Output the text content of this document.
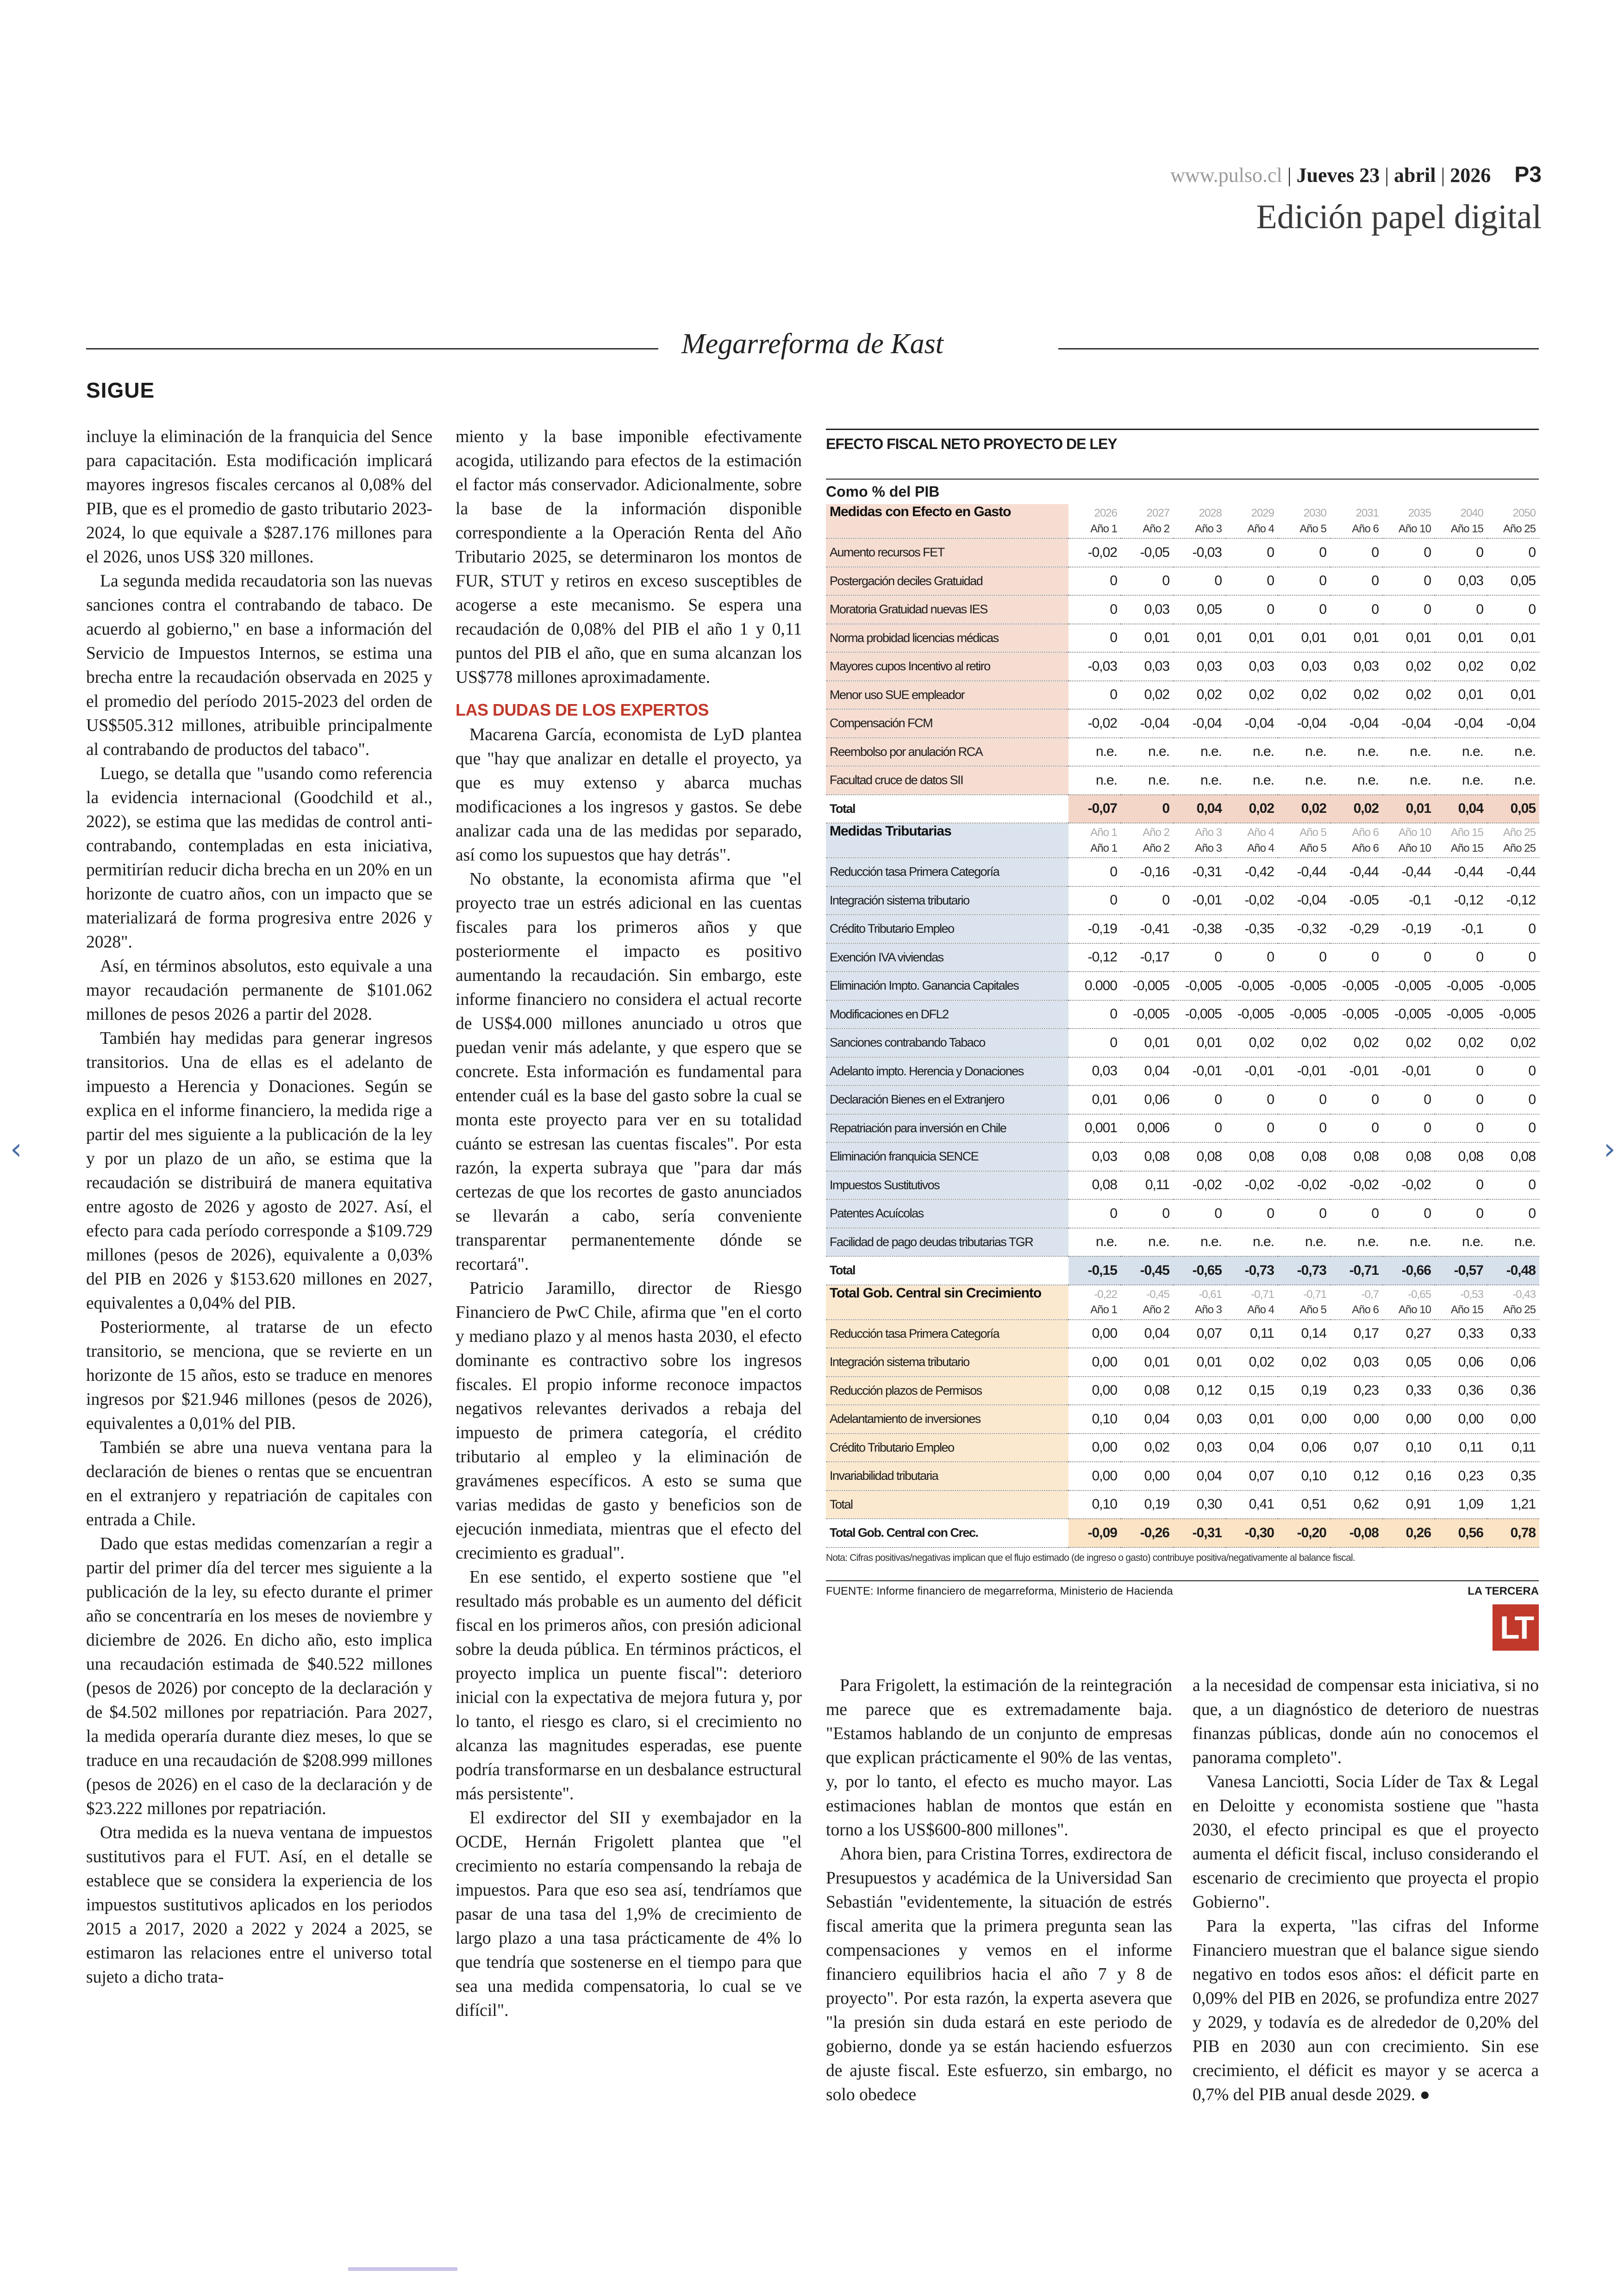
www.pulso.cl | Jueves 23 | abril | 2026 P3
Edición papel digital
Megarreforma de Kast
SIGUE

incluye la eliminación de la franquicia del Sence para capacitación. Esta modificación implicará mayores ingresos fiscales cercanos al 0,08% del PIB, que es el promedio de gasto tributario 2023-2024, lo que equivale a $287.176 millones para el 2026, unos US$ 320 millones.

La segunda medida recaudatoria son las nuevas sanciones contra el contrabando de tabaco. De acuerdo al gobierno," en base a información del Servicio de Impuestos Internos, se estima una brecha entre la recaudación observada en 2025 y el promedio del período 2015-2023 del orden de US$505.312 millones, atribuible principalmente al contrabando de productos del tabaco".

Luego, se detalla que "usando como referencia la evidencia internacional (Goodchild et al., 2022), se estima que las medidas de control anti-contrabando, contempladas en esta iniciativa, permitirían reducir dicha brecha en un 20% en un horizonte de cuatro años, con un impacto que se materializará de forma progresiva entre 2026 y 2028".

Así, en términos absolutos, esto equivale a una mayor recaudación permanente de $101.062 millones de pesos 2026 a partir del 2028.

También hay medidas para generar ingresos transitorios. Una de ellas es el adelanto de impuesto a Herencia y Donaciones. Según se explica en el informe financiero, la medida rige a partir del mes siguiente a la publicación de la ley y por un plazo de un año, se estima que la recaudación se distribuirá de manera equitativa entre agosto de 2026 y agosto de 2027. Así, el efecto para cada período corresponde a $109.729 millones (pesos de 2026), equivalente a 0,03% del PIB en 2026 y $153.620 millones en 2027, equivalentes a 0,04% del PIB.

Posteriormente, al tratarse de un efecto transitorio, se menciona, que se revierte en un horizonte de 15 años, esto se traduce en menores ingresos por $21.946 millones (pesos de 2026), equivalentes a 0,01% del PIB.

También se abre una nueva ventana para la declaración de bienes o rentas que se encuentran en el extranjero y repatriación de capitales con entrada a Chile.

Dado que estas medidas comenzarían a regir a partir del primer día del tercer mes siguiente a la publicación de la ley, su efecto durante el primer año se concentraría en los meses de noviembre y diciembre de 2026. En dicho año, esto implica una recaudación estimada de $40.522 millones (pesos de 2026) por concepto de la declaración y de $4.502 millones por repatriación. Para 2027, la medida operaría durante diez meses, lo que se traduce en una recaudación de $208.999 millones (pesos de 2026) en el caso de la declaración y de $23.222 millones por repatriación.

Otra medida es la nueva ventana de impuestos sustitutivos para el FUT. Así, en el detalle se establece que se considera la experiencia de los impuestos sustitutivos aplicados en los periodos 2015 a 2017, 2020 a 2022 y 2024 a 2025, se estimaron las relaciones entre el universo total sujeto a dicho trata-

miento y la base imponible efectivamente acogida, utilizando para efectos de la estimación el factor más conservador. Adicionalmente, sobre la base de la información disponible correspondiente a la Operación Renta del Año Tributario 2025, se determinaron los montos de FUR, STUT y retiros en exceso susceptibles de acogerse a este mecanismo. Se espera una recaudación de 0,08% del PIB el año 1 y 0,11 puntos del PIB el año, que en suma alcanzan los US$778 millones aproximadamente.

LAS DUDAS DE LOS EXPERTOS

Macarena García, economista de LyD plantea que "hay que analizar en detalle el proyecto, ya que es muy extenso y abarca muchas modificaciones a los ingresos y gastos. Se debe analizar cada una de las medidas por separado, así como los supuestos que hay detrás".

No obstante, la economista afirma que "el proyecto trae un estrés adicional en las cuentas fiscales para los primeros años y que posteriormente el impacto es positivo aumentando la recaudación. Sin embargo, este informe financiero no considera el actual recorte de US$4.000 millones anunciado u otros que puedan venir más adelante, y que espero que se concrete. Esta información es fundamental para entender cuál es la base del gasto sobre la cual se monta este proyecto para ver en su totalidad cuánto se estresan las cuentas fiscales". Por esta razón, la experta subraya que "para dar más certezas de que los recortes de gasto anunciados se llevarán a cabo, sería conveniente transparentar permanentemente dónde se recortará".

Patricio Jaramillo, director de Riesgo Financiero de PwC Chile, afirma que "en el corto y mediano plazo y al menos hasta 2030, el efecto dominante es contractivo sobre los ingresos fiscales. El propio informe reconoce impactos negativos relevantes derivados a rebaja del impuesto de primera categoría, el crédito tributario al empleo y la eliminación de gravámenes específicos. A esto se suma que varias medidas de gasto y beneficios son de ejecución inmediata, mientras que el efecto del crecimiento es gradual".

En ese sentido, el experto sostiene que "el resultado más probable es un aumento del déficit fiscal en los primeros años, con presión adicional sobre la deuda pública. En términos prácticos, el proyecto implica un puente fiscal": deterioro inicial con la expectativa de mejora futura y, por lo tanto, el riesgo es claro, si el crecimiento no alcanza las magnitudes esperadas, ese puente podría transformarse en un desbalance estructural más persistente".

El exdirector del SII y exembajador en la OCDE, Hernán Frigolett plantea que "el crecimiento no estaría compensando la rebaja de impuestos. Para que eso sea así, tendríamos que pasar de una tasa del 1,9% de crecimiento de largo plazo a una tasa prácticamente de 4% lo que tendría que sostenerse en el tiempo para que sea una medida compensatoria, lo cual se ve difícil".

Para Frigolett, la estimación de la reintegración me parece que es extremadamente baja. "Estamos hablando de un conjunto de empresas que explican prácticamente el 90% de las ventas, y, por lo tanto, el efecto es mucho mayor. Las estimaciones hablan de montos que están en torno a los US$600-800 millones".

Ahora bien, para Cristina Torres, exdirectora de Presupuestos y académica de la Universidad San Sebastián "evidentemente, la situación de estrés fiscal amerita que la primera pregunta sean las compensaciones y vemos en el informe financiero equilibrios hacia el año 7 y 8 de proyecto". Por esta razón, la experta asevera que "la presión sin duda estará en este periodo de gobierno, donde ya se están haciendo esfuerzos de ajuste fiscal. Este esfuerzo, sin embargo, no solo obedece

a la necesidad de compensar esta iniciativa, si no que, a un diagnóstico de deterioro de nuestras finanzas públicas, donde aún no conocemos el panorama completo".

Vanesa Lanciotti, Socia Líder de Tax & Legal en Deloitte y economista sostiene que "hasta 2030, el efecto principal es que el proyecto aumenta el déficit fiscal, incluso considerando el escenario de crecimiento que proyecta el propio Gobierno".

Para la experta, "las cifras del Informe Financiero muestran que el balance sigue siendo negativo en todos esos años: el déficit parte en 0,09% del PIB en 2026, se profundiza entre 2027 y 2029, y todavía es de alrededor de 0,20% del PIB en 2030 aun con crecimiento. Sin ese crecimiento, el déficit es mayor y se acerca a 0,7% del PIB anual desde 2029. ●

EFECTO FISCAL NETO PROYECTO DE LEY
Como % del PIB
Medidas con Efecto en Gasto	2026	2027	2028	2029	2030	2031	2035	2040	2050
	Año 1	Año 2	Año 3	Año 4	Año 5	Año 6	Año 10	Año 15	Año 25
Aumento recursos FET	-0,02	-0,05	-0,03	0	0	0	0	0	0
Postergación deciles Gratuidad	0	0	0	0	0	0	0	0,03	0,05
Moratoria Gratuidad nuevas IES	0	0,03	0,05	0	0	0	0	0	0
Norma probidad licencias médicas	0	0,01	0,01	0,01	0,01	0,01	0,01	0,01	0,01
Mayores cupos Incentivo al retiro	-0,03	0,03	0,03	0,03	0,03	0,03	0,02	0,02	0,02
Menor uso SUE empleador	0	0,02	0,02	0,02	0,02	0,02	0,02	0,01	0,01
Compensación FCM	-0,02	-0,04	-0,04	-0,04	-0,04	-0,04	-0,04	-0,04	-0,04
Reembolso por anulación RCA	n.e.	n.e.	n.e.	n.e.	n.e.	n.e.	n.e.	n.e.	n.e.
Facultad cruce de datos SII	n.e.	n.e.	n.e.	n.e.	n.e.	n.e.	n.e.	n.e.	n.e.
Total	-0,07	0	0,04	0,02	0,02	0,02	0,01	0,04	0,05
Medidas Tributarias	Año 1	Año 2	Año 3	Año 4	Año 5	Año 6	Año 10	Año 15	Año 25
	Año 1	Año 2	Año 3	Año 4	Año 5	Año 6	Año 10	Año 15	Año 25
Reducción tasa Primera Categoría	0	-0,16	-0,31	-0,42	-0,44	-0,44	-0,44	-0,44	-0,44
Integración sistema tributario	0	0	-0,01	-0,02	-0,04	-0.05	-0,1	-0,12	-0,12
Crédito Tributario Empleo	-0,19	-0,41	-0,38	-0,35	-0,32	-0,29	-0,19	-0,1	0
Exención IVA viviendas	-0,12	-0,17	0	0	0	0	0	0	0
Eliminación Impto. Ganancia Capitales	0.000	-0,005	-0,005	-0,005	-0,005	-0,005	-0,005	-0,005	-0,005
Modificaciones en DFL2	0	-0,005	-0,005	-0,005	-0,005	-0,005	-0,005	-0,005	-0,005
Sanciones contrabando Tabaco	0	0,01	0,01	0,02	0,02	0,02	0,02	0,02	0,02
Adelanto impto. Herencia y Donaciones	0,03	0,04	-0,01	-0,01	-0,01	-0,01	-0,01	0	0
Declaración Bienes en el Extranjero	0,01	0,06	0	0	0	0	0	0	0
Repatriación para inversión en Chile	0,001	0,006	0	0	0	0	0	0	0
Eliminación franquicia SENCE	0,03	0,08	0,08	0,08	0,08	0,08	0,08	0,08	0,08
Impuestos Sustitutivos	0,08	0,11	-0,02	-0,02	-0,02	-0,02	-0,02	0	0
Patentes Acuícolas	0	0	0	0	0	0	0	0	0
Facilidad de pago deudas tributarias TGR	n.e.	n.e.	n.e.	n.e.	n.e.	n.e.	n.e.	n.e.	n.e.
Total	-0,15	-0,45	-0,65	-0,73	-0,73	-0,71	-0,66	-0,57	-0,48
Total Gob. Central sin Crecimiento	-0,22	-0,45	-0,61	-0,71	-0,71	-0,7	-0,65	-0,53	-0,43
	Año 1	Año 2	Año 3	Año 4	Año 5	Año 6	Año 10	Año 15	Año 25
Reducción tasa Primera Categoría	0,00	0,04	0,07	0,11	0,14	0,17	0,27	0,33	0,33
Integración sistema tributario	0,00	0,01	0,01	0,02	0,02	0,03	0,05	0,06	0,06
Reducción plazos de Permisos	0,00	0,08	0,12	0,15	0,19	0,23	0,33	0,36	0,36
Adelantamiento de inversiones	0,10	0,04	0,03	0,01	0,00	0,00	0,00	0,00	0,00
Crédito Tributario Empleo	0,00	0,02	0,03	0,04	0,06	0,07	0,10	0,11	0,11
Invariabilidad tributaria	0,00	0,00	0,04	0,07	0,10	0,12	0,16	0,23	0,35
Total	0,10	0,19	0,30	0,41	0,51	0,62	0,91	1,09	1,21
Total Gob. Central con Crec.	-0,09	-0,26	-0,31	-0,30	-0,20	-0,08	0,26	0,56	0,78
Nota: Cifras positivas/negativas implican que el flujo estimado (de ingreso o gasto) contribuye positiva/negativamente al balance fiscal.
FUENTE: Informe financiero de megarreforma, Ministerio de Hacienda	LA TERCERA
LT
‹	›
